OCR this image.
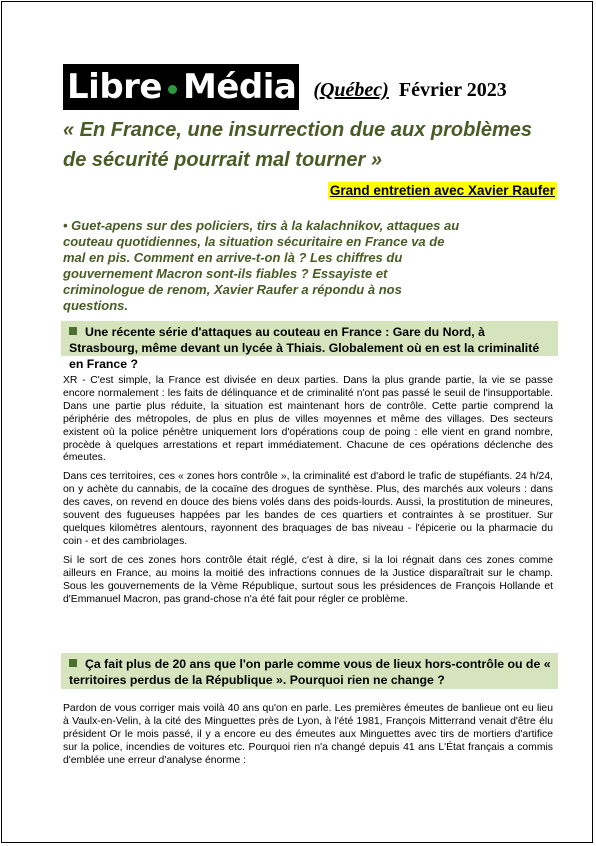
Libre Média (Québec) Février 2023
« En France, une insurrection due aux problèmes de sécurité pourrait mal tourner »
Grand entretien avec Xavier Raufer
• Guet-apens sur des policiers, tirs à la kalachnikov, attaques au couteau quotidiennes, la situation sécuritaire en France va de mal en pis. Comment en arrive-t-on là ? Les chiffres du gouvernement Macron sont-ils fiables ? Essayiste et criminologue de renom, Xavier Raufer a répondu à nos questions.
Une récente série d'attaques au couteau en France : Gare du Nord, à Strasbourg, même devant un lycée à Thiais. Globalement où en est la criminalité en France ?

XR - C'est simple, la France est divisée en deux parties. Dans la plus grande partie, la vie se passe encore normalement : les faits de délinquance et de criminalité n'ont pas passé le seuil de l'insupportable. Dans une partie plus réduite, la situation est maintenant hors de contrôle. Cette partie comprend la périphérie des métropoles, de plus en plus de villes moyennes et même des villages. Des secteurs existent où la police pénètre uniquement lors d'opérations coup de poing : elle vient en grand nombre, procède à quelques arrestations et repart immédiatement. Chacune de ces opérations déclenche des émeutes.

Dans ces territoires, ces « zones hors contrôle », la criminalité est d'abord le trafic de stupéfiants. 24 h/24, on y achète du cannabis, de la cocaïne des drogues de synthèse. Plus, des marchés aux voleurs : dans des caves, on revend en douce des biens volés dans des poids-lourds. Aussi, la prostitution de mineures, souvent des fugueuses happées par les bandes de ces quartiers et contraintes à se prostituer. Sur quelques kilomètres alentours, rayonnent des braquages de bas niveau - l'épicerie ou la pharmacie du coin - et des cambriolages.

Si le sort de ces zones hors contrôle était réglé, c'est à dire, si la loi régnait dans ces zones comme ailleurs en France, au moins la moitié des infractions connues de la Justice disparaîtrait sur le champ. Sous les gouvernements de la Vème République, surtout sous les présidences de François Hollande et d'Emmanuel Macron, pas grand-chose n'a été fait pour régler ce problème.

Ça fait plus de 20 ans que l'on parle comme vous de lieux hors-contrôle ou de « territoires perdus de la République ». Pourquoi rien ne change ?

Pardon de vous corriger mais voilà 40 ans qu'on en parle. Les premières émeutes de banlieue ont eu lieu à Vaulx-en-Velin, à la cité des Minguettes près de Lyon, à l'été 1981, François Mitterrand venait d'être élu président Or le mois passé, il y a encore eu des émeutes aux Minguettes avec tirs de mortiers d'artifice sur la police, incendies de voitures etc. Pourquoi rien n'a changé depuis 41 ans L'État français a commis d'emblée une erreur d'analyse énorme :
